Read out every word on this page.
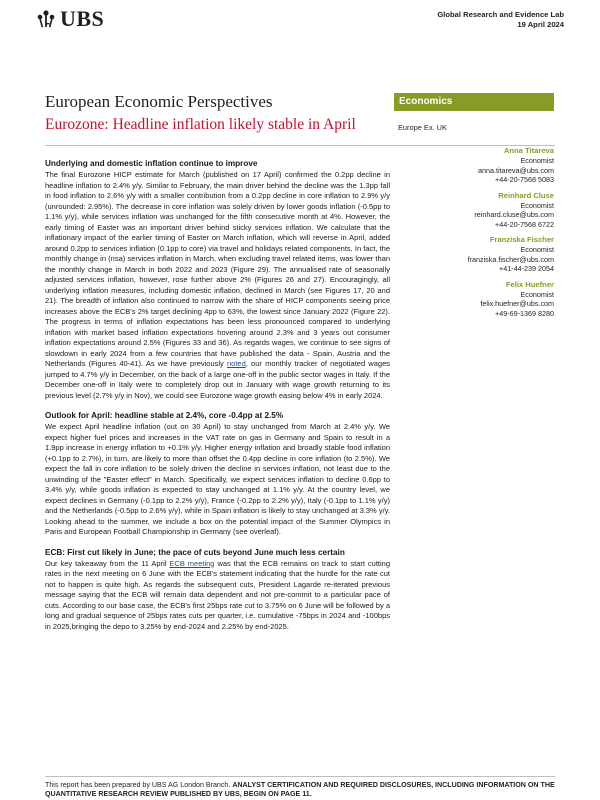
UBS	Global Research and Evidence Lab
19 April 2024
European Economic Perspectives
Eurozone: Headline inflation likely stable in April
Economics
Europe Ex. UK
Anna Titareva
Economist
anna.titareva@ubs.com
+44-20-7568 5083
Reinhard Cluse
Economist
reinhard.cluse@ubs.com
+44-20-7568 6722
Franziska Fischer
Economist
franziska.fischer@ubs.com
+41-44-239 2054
Felix Huefner
Economist
felix.huefner@ubs.com
+49-69-1369 8280
Underlying and domestic inflation continue to improve

The final Eurozone HICP estimate for March (published on 17 April) confirmed the 0.2pp decline in headline inflation to 2.4% y/y. Similar to February, the main driver behind the decline was the 1.3pp fall in food inflation to 2.6% y/y with a smaller contribution from a 0.2pp decline in core inflation to 2.9% y/y (unrounded: 2.95%). The decrease in core inflation was solely driven by lower goods inflation (-0.5pp to 1.1% y/y), while services inflation was unchanged for the fifth consecutive month at 4%. However, the early timing of Easter was an important driver behind sticky services inflation. We calculate that the inflationary impact of the earlier timing of Easter on March inflation, which will reverse in April, added around 0.2pp to services inflation (0.1pp to core) via travel and holidays related components. In fact, the monthly change in (nsa) services inflation in March, when excluding travel related items, was lower than the monthly change in March in both 2022 and 2023 (Figure 29). The annualised rate of seasonally adjusted services inflation, however, rose further above 2% (Figures 26 and 27). Encouragingly, all underlying inflation measures, including domestic inflation, declined in March (see Figures 17, 20 and 21). The breadth of inflation also continued to narrow with the share of HICP components seeing price increases above the ECB's 2% target declining 4pp to 63%, the lowest since January 2022 (Figure 22). The progress in terms of inflation expectations has been less pronounced compared to underlying inflation with market based inflation expectations hovering around 2.3% and 3 years out consumer inflation expectations around 2.5% (Figures 33 and 36). As regards wages, we continue to see signs of slowdown in early 2024 from a few countries that have published the data - Spain, Austria and the Netherlands (Figures 40-41). As we have previously noted, our monthly tracker of negotiated wages jumped to 4.7% y/y in December, on the back of a large one-off in the public sector wages in Italy. If the December one-off in Italy were to completely drop out in January with wage growth returning to its previous level (2.7% y/y in Nov), we could see Eurozone wage growth easing below 4% in early 2024.

Outlook for April: headline stable at 2.4%, core -0.4pp at 2.5%

We expect April headline inflation (out on 30 April) to stay unchanged from March at 2.4% y/y. We expect higher fuel prices and increases in the VAT rate on gas in Germany and Spain to result in a 1.9pp increase in energy inflation to +0.1% y/y. Higher energy inflation and broadly stable food inflation (+0.1pp to 2.7%), in turn, are likely to more than offset the 0.4pp decline in core inflation (to 2.5%). We expect the fall in core inflation to be solely driven the decline in services inflation, not least due to the unwinding of the "Easter effect" in March. Specifically, we expect services inflation to decline 0.6pp to 3.4% y/y, while goods inflation is expected to stay unchanged at 1.1% y/y. At the country level, we expect declines in Germany (-0.1pp to 2.2% y/y), France (-0.2pp to 2.2% y/y), Italy (-0.1pp to 1.1% y/y) and the Netherlands (-0.5pp to 2.6% y/y), while in Spain inflation is likely to stay unchanged at 3.3% y/y. Looking ahead to the summer, we include a box on the potential impact of the Summer Olympics in Paris and European Football Championship in Germany (see overleaf).

ECB: First cut likely in June; the pace of cuts beyond June much less certain

Our key takeaway from the 11 April ECB meeting was that the ECB remains on track to start cutting rates in the next meeting on 6 June with the ECB's statement indicating that the hurdle for the rate cut not to happen is quite high. As regards the subsequent cuts, President Lagarde re-iterated previous message saying that the ECB will remain data dependent and not pre-commit to a particular pace of cuts. According to our base case, the ECB's first 25bps rate cut to 3.75% on 6 June will be followed by a long and gradual sequence of 25bps rates cuts per quarter, i.e. cumulative -75bps in 2024 and -100bps in 2025,bringing the depo to 3.25% by end-2024 and 2.25% by end-2025.

This report has been prepared by UBS AG London Branch. ANALYST CERTIFICATION AND REQUIRED DISCLOSURES, INCLUDING INFORMATION ON THE QUANTITATIVE RESEARCH REVIEW PUBLISHED BY UBS, BEGIN ON PAGE 11.
